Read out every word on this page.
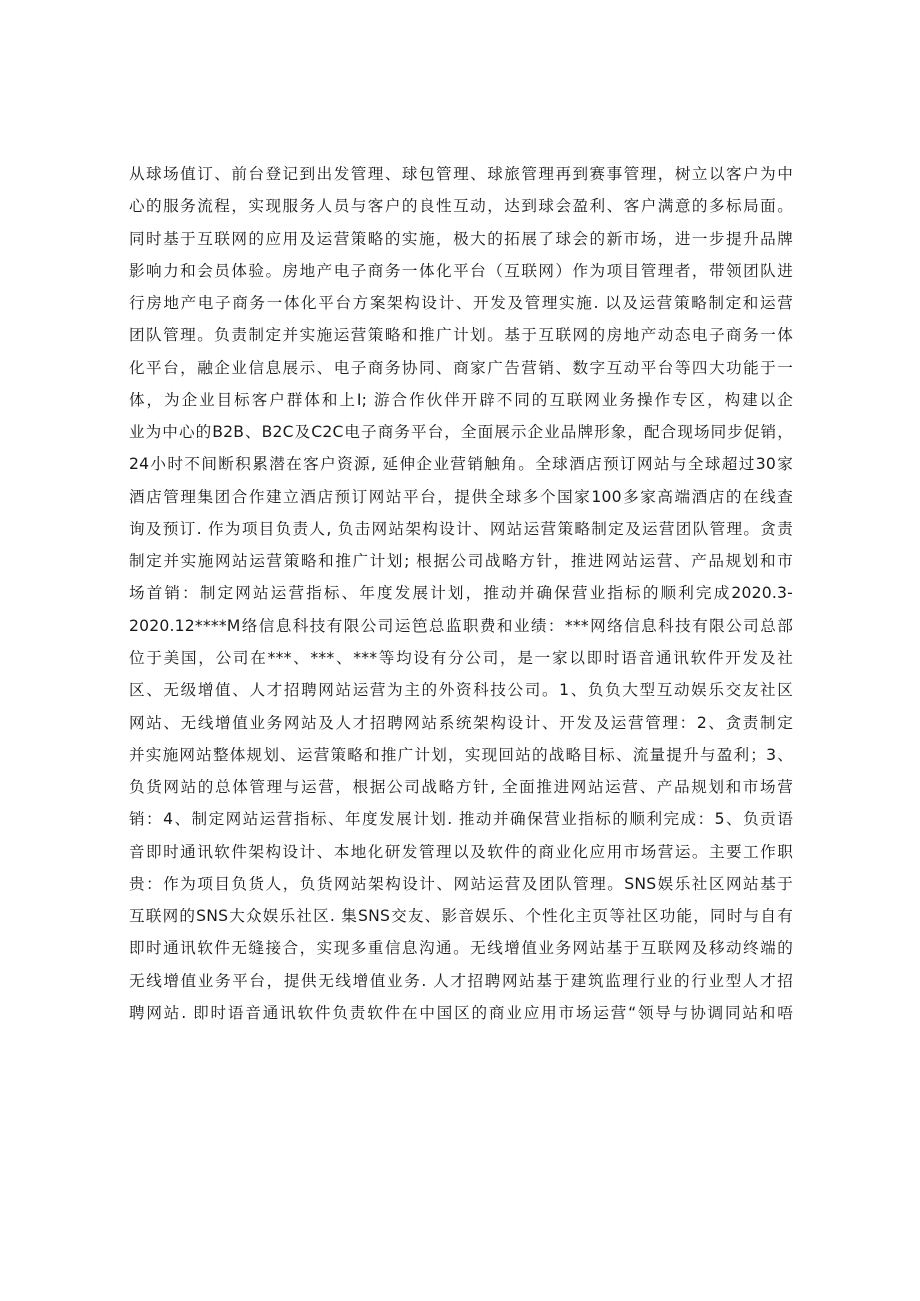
从球场值订、前台登记到出发管理、球包管理、球旅管理再到赛事管理，树立以客户为中
心的服务流程，实现服务人员与客户的良性互动，达到球会盈利、客户满意的多标局面。
同时基于互联网的应用及运营策略的实施，极大的拓展了球会的新市场，进一步提升品牌
影响力和会员体验。房地产电子商务一体化平台（互联网）作为项目管理者，带领团队进
行房地产电子商务一体化平台方案架构设计、开发及管理实施. 以及运营策略制定和运营
团队管理。负责制定并实施运营策略和推广计划。基于互联网的房地产动态电子商务一体
化平台，融企业信息展示、电子商务协同、商家广告营销、数字互动平台等四大功能于一
体，为企业目标客户群体和上I; 游合作伙伴开辟不同的互联网业务操作专区，构建以企
业为中心的B2B、B2C及C2C电子商务平台，全面展示企业品牌形象，配合现场同步促销，
24小时不间断积累潜在客户资源, 延伸企业营销触角。全球酒店预订网站与全球超过30家
酒店管理集团合作建立酒店预订网站平台，提供全球多个国家100多家高端酒店的在线查
询及预订. 作为项目负责人, 负击网站架构设计、网站运营策略制定及运营团队管理。贪责
制定并实施网站运营策略和推广计划; 根据公司战略方针，推进网站运营、产品规划和市
场首销：制定网站运营指标、年度发展计划，推动并确保营业指标的顺利完成2020.3-
2020.12****M络信息科技有限公司运笆总监职费和业绩：***网络信息科技有限公司总部
位于美国，公司在***、***、***等均设有分公司，是一家以即时语音通讯软件开发及社
区、无级增值、人才招聘网站运营为主的外资科技公司。1、负负大型互动娱乐交友社区
网站、无线增值业务网站及人才招聘网站系统架构设计、开发及运营管理：2、贪责制定
并实施网站整体规划、运营策略和推广计划，实现回站的战略目标、流量提升与盈利；3、
负货网站的总体管理与运营，根据公司战略方针, 全面推进网站运营、产品规划和市场营
销：4、制定网站运营指标、年度发展计划. 推动并确保营业指标的顺利完成：5、负贡语
音即时通讯软件架构设计、本地化研发管理以及软件的商业化应用市场营运。主要工作职
贵：作为项目负货人，负货网站架构设计、网站运营及团队管理。SNS娱乐社区网站基于
互联网的SNS大众娱乐社区. 集SNS交友、影音娱乐、个性化主页等社区功能，同时与自有
即时通讯软件无缝接合，实现多重信息沟通。无线增值业务网站基于互联网及移动终端的
无线增值业务平台，提供无线增值业务. 人才招聘网站基于建筑监理行业的行业型人才招
聘网站. 即时语音通讯软件负责软件在中国区的商业应用市场运营“领导与协调同站和唔
